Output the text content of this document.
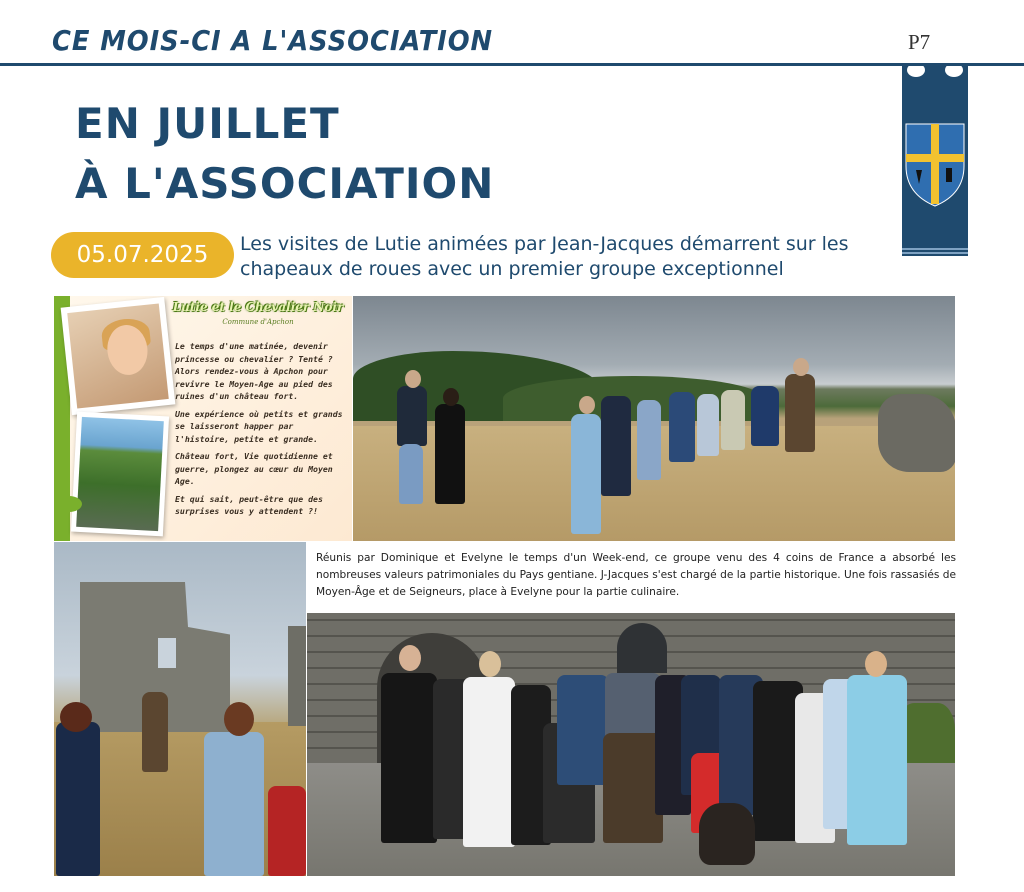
CE MOIS-CI A L'ASSOCIATION	P7
EN JUILLET
À L'ASSOCIATION
05.07.2025	Les visites de Lutie animées par Jean-Jacques démarrent sur les chapeaux de roues avec un premier groupe exceptionnel
Lutie et le Chevalier Noir
Commune d'Apchon

Le temps d'une matinée, devenir princesse ou chevalier ? Tenté ? Alors rendez-vous à Apchon pour revivre le Moyen-Age au pied des ruines d'un château fort.

Une expérience où petits et grands se laisseront happer par l'histoire, petite et grande.

Château fort, Vie quotidienne et guerre, plongez au cœur du Moyen Age.

Et qui sait, peut-être que des surprises vous y attendent ?!

Réunis par Dominique et Evelyne le temps d'un Week-end, ce groupe venu des 4 coins de France a absorbé les nombreuses valeurs patrimoniales du Pays gentiane. J-Jacques s'est chargé de la partie historique. Une fois rassasiés de Moyen-Âge et de Seigneurs, place à Evelyne pour la partie culinaire.
